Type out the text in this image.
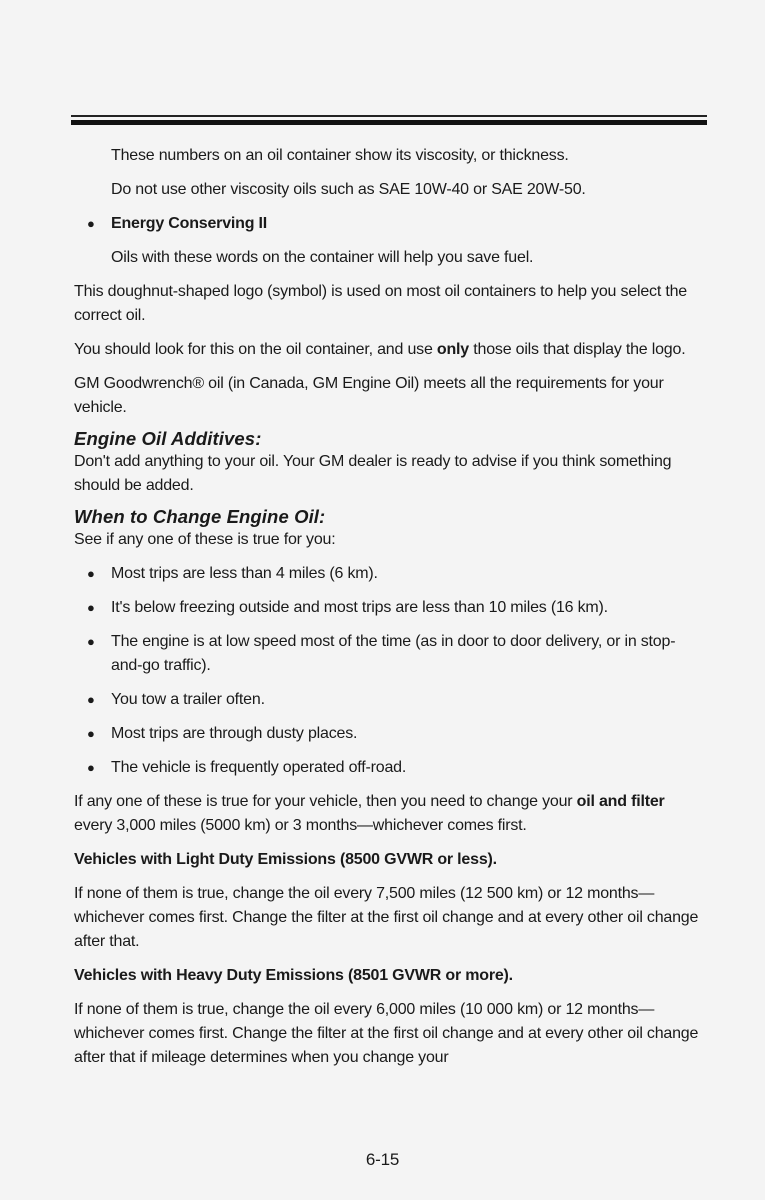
These numbers on an oil container show its viscosity, or thickness.

Do not use other viscosity oils such as SAE 10W-40 or SAE 20W-50.

● Energy Conserving II

Oils with these words on the container will help you save fuel.

This doughnut-shaped logo (symbol) is used on most oil containers to help you select the correct oil.

You should look for this on the oil container, and use only those oils that display the logo.

GM Goodwrench® oil (in Canada, GM Engine Oil) meets all the requirements for your vehicle.

Engine Oil Additives:

Don't add anything to your oil. Your GM dealer is ready to advise if you think something should be added.

When to Change Engine Oil:

See if any one of these is true for you:

● Most trips are less than 4 miles (6 km).
● It's below freezing outside and most trips are less than 10 miles (16 km).
● The engine is at low speed most of the time (as in door to door delivery, or in stop-and-go traffic).
● You tow a trailer often.
● Most trips are through dusty places.
● The vehicle is frequently operated off-road.

If any one of these is true for your vehicle, then you need to change your oil and filter every 3,000 miles (5000 km) or 3 months—whichever comes first.

Vehicles with Light Duty Emissions (8500 GVWR or less).

If none of them is true, change the oil every 7,500 miles (12 500 km) or 12 months—whichever comes first. Change the filter at the first oil change and at every other oil change after that.

Vehicles with Heavy Duty Emissions (8501 GVWR or more).

If none of them is true, change the oil every 6,000 miles (10 000 km) or 12 months—whichever comes first. Change the filter at the first oil change and at every other oil change after that if mileage determines when you change your

6-15
